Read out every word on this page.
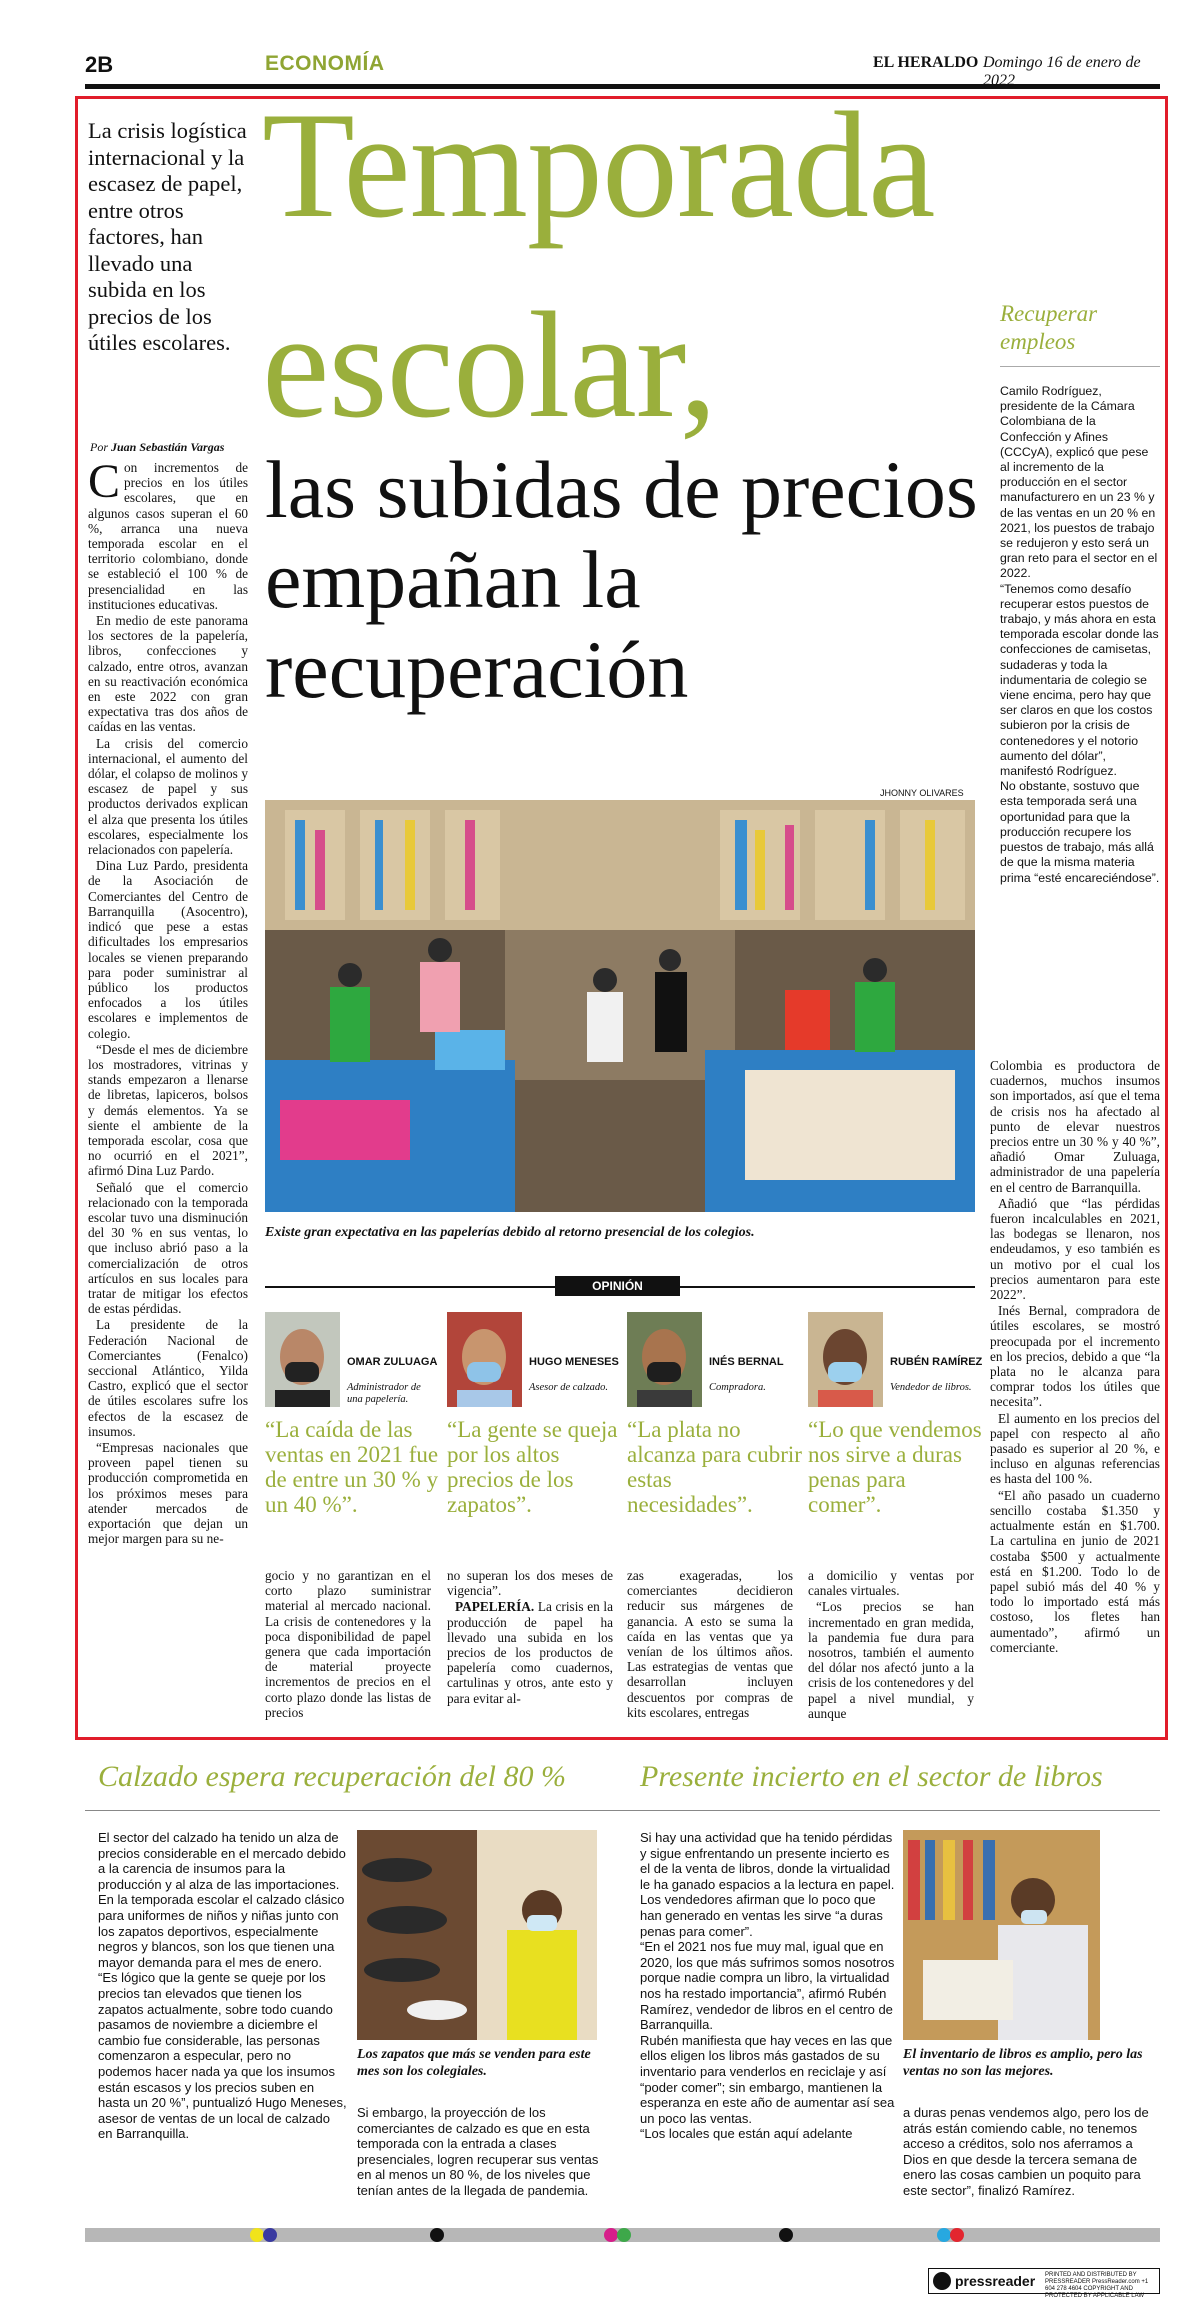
2B	ECONOMÍA	EL HERALDO Domingo 16 de enero de 2022
La crisis logística internacional y la escasez de papel, entre otros factores, han llevado una subida en los precios de los útiles escolares.
Por Juan Sebastián Vargas
Temporada
escolar,
las subidas de precios empañan la recuperación

Con incrementos de precios en los útiles escolares, que en algunos casos superan el 60 %, arranca una nueva temporada escolar en el territorio colombiano, donde se estableció el 100 % de presencialidad en las instituciones educativas.

En medio de este panorama los sectores de la papelería, libros, confecciones y calzado, entre otros, avanzan en su reactivación económica en este 2022 con gran expectativa tras dos años de caídas en las ventas.

La crisis del comercio internacional, el aumento del dólar, el colapso de molinos y escasez de papel y sus productos derivados explican el alza que presenta los útiles escolares, especialmente los relacionados con papelería.

Dina Luz Pardo, presidenta de la Asociación de Comerciantes del Centro de Barranquilla (Asocentro), indicó que pese a estas dificultades los empresarios locales se vienen preparando para poder suministrar al público los productos enfocados a los útiles escolares e implementos de colegio.

“Desde el mes de diciembre los mostradores, vitrinas y stands empezaron a llenarse de libretas, lapiceros, bolsos y demás elementos. Ya se siente el ambiente de la temporada escolar, cosa que no ocurrió en el 2021”, afirmó Dina Luz Pardo.

Señaló que el comercio relacionado con la temporada escolar tuvo una disminución del 30 % en sus ventas, lo que incluso abrió paso a la comercialización de otros artículos en sus locales para tratar de mitigar los efectos de estas pérdidas.

La presidente de la Federación Nacional de Comerciantes (Fenalco) seccional Atlántico, Yilda Castro, explicó que el sector de útiles escolares sufre los efectos de la escasez de insumos.

“Empresas nacionales que proveen papel tienen su producción comprometida en los próximos meses para atender mercados de exportación que dejan un mejor margen para su ne-

JHONNY OLIVARES
Existe gran expectativa en las papelerías debido al retorno presencial de los colegios.
OPINIÓN
OMAR ZULUAGA
Administrador de una papelería.
“La caída de las ventas en 2021 fue de entre un 30 % y un 40 %”.
HUGO MENESES
Asesor de calzado.
“La gente se queja por los altos precios de los zapatos”.
INÉS BERNAL
Compradora.
“La plata no alcanza para cubrir estas necesidades”.
RUBÉN RAMÍREZ
Vendedor de libros.
“Lo que vendemos nos sirve a duras penas para comer”.
gocio y no garantizan en el corto plazo suministrar material al mercado nacional. La crisis de contenedores y la poca disponibilidad de papel genera que cada importación de material proyecte incrementos de precios en el corto plazo donde las listas de precios

no superan los dos meses de vigencia”.

PAPELERÍA. La crisis en la producción de papel ha llevado una subida en los precios de los productos de papelería como cuadernos, cartulinas y otros, ante esto y para evitar al-

zas exageradas, los comerciantes decidieron reducir sus márgenes de ganancia. A esto se suma la caída en las ventas que ya venían de los últimos años. Las estrategias de ventas que desarrollan incluyen descuentos por compras de kits escolares, entregas

a domicilio y ventas por canales virtuales.

“Los precios se han incrementado en gran medida, la pandemia fue dura para nosotros, también el aumento del dólar nos afectó junto a la crisis de los contenedores y del papel a nivel mundial, y aunque

Recuperar empleos

Camilo Rodríguez, presidente de la Cámara Colombiana de la Confección y Afines (CCCyA), explicó que pese al incremento de la producción en el sector manufacturero en un 23 % y de las ventas en un 20 % en 2021, los puestos de trabajo se redujeron y esto será un gran reto para el sector en el 2022.

“Tenemos como desafío recuperar estos puestos de trabajo, y más ahora en esta temporada escolar donde las confecciones de camisetas, sudaderas y toda la indumentaria de colegio se viene encima, pero hay que ser claros en que los costos subieron por la crisis de contenedores y el notorio aumento del dólar”, manifestó Rodríguez.

No obstante, sostuvo que esta temporada será una oportunidad para que la producción recupere los puestos de trabajo, más allá de que la misma materia prima “esté encareciéndose”.

Colombia es productora de cuadernos, muchos insumos son importados, así que el tema de crisis nos ha afectado al punto de elevar nuestros precios entre un 30 % y 40 %”, añadió Omar Zuluaga, administrador de una papelería en el centro de Barranquilla.

Añadió que “las pérdidas fueron incalculables en 2021, las bodegas se llenaron, nos endeudamos, y eso también es un motivo por el cual los precios aumentaron para este 2022”.

Inés Bernal, compradora de útiles escolares, se mostró preocupada por el incremento en los precios, debido a que “la plata no le alcanza para comprar todos los útiles que necesita”.

El aumento en los precios del papel con respecto al año pasado es superior al 20 %, e incluso en algunas referencias es hasta del 100 %.

“El año pasado un cuaderno sencillo costaba $1.350 y actualmente están en $1.700. La cartulina en junio de 2021 costaba $500 y actualmente está en $1.200. Todo lo de papel subió más del 40 % y todo lo importado está más costoso, los fletes han aumentado”, afirmó un comerciante.

Calzado espera recuperación del 80 % Presente incierto en el sector de libros

El sector del calzado ha tenido un alza de precios considerable en el mercado debido a la carencia de insumos para la producción y al alza de las importaciones.

En la temporada escolar el calzado clásico para uniformes de niños y niñas junto con los zapatos deportivos, especialmente negros y blancos, son los que tienen una mayor demanda para el mes de enero.

“Es lógico que la gente se queje por los precios tan elevados que tienen los zapatos actualmente, sobre todo cuando pasamos de noviembre a diciembre el cambio fue considerable, las personas comenzaron a especular, pero no podemos hacer nada ya que los insumos están escasos y los precios suben en hasta un 20 %”, puntualizó Hugo Meneses, asesor de ventas de un local de calzado en Barranquilla.

Los zapatos que más se venden para este mes son los colegiales.
Si embargo, la proyección de los comerciantes de calzado es que en esta temporada con la entrada a clases presenciales, logren recuperar sus ventas en al menos un 80 %, de los niveles que tenían antes de la llegada de pandemia.

Si hay una actividad que ha tenido pérdidas y sigue enfrentando un presente incierto es el de la venta de libros, donde la virtualidad le ha ganado espacios a la lectura en papel.

Los vendedores afirman que lo poco que han generado en ventas les sirve “a duras penas para comer”.

“En el 2021 nos fue muy mal, igual que en 2020, los que más sufrimos somos nosotros porque nadie compra un libro, la virtualidad nos ha restado importancia”, afirmó Rubén Ramírez, vendedor de libros en el centro de Barranquilla.

Rubén manifiesta que hay veces en las que ellos eligen los libros más gastados de su inventario para venderlos en reciclaje y así “poder comer”; sin embargo, mantienen la esperanza en este año de aumentar así sea un poco las ventas.

“Los locales que están aquí adelante

El inventario de libros es amplio, pero las ventas no son las mejores.
a duras penas vendemos algo, pero los de atrás están comiendo cable, no tenemos acceso a créditos, solo nos aferramos a Dios en que desde la tercera semana de enero las cosas cambien un poquito para este sector”, finalizó Ramírez.
pressreader PRINTED AND DISTRIBUTED BY PRESSREADER PressReader.com +1 604 278 4604 COPYRIGHT AND PROTECTED BY APPLICABLE LAW
